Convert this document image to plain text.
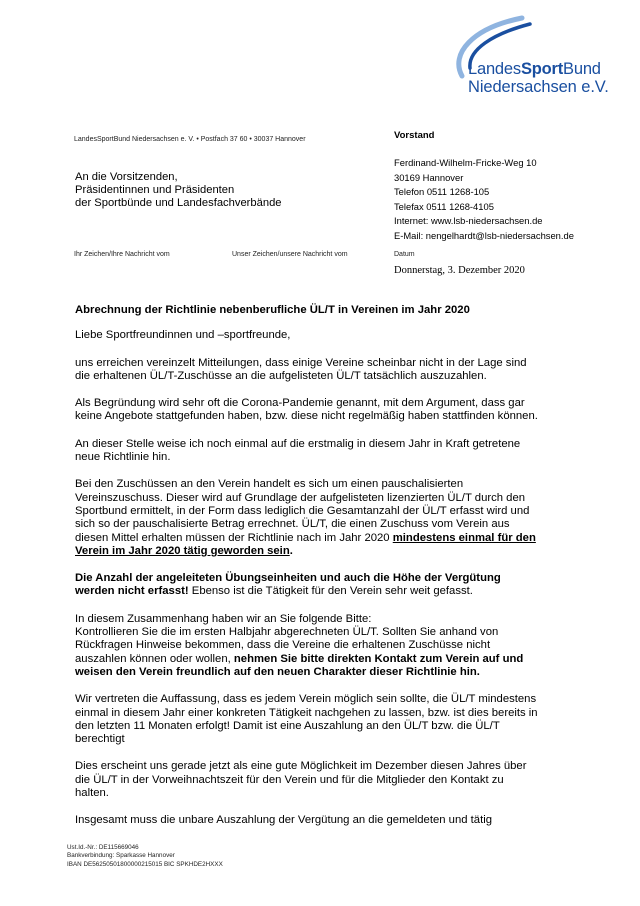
LandesSportBund
Niedersachsen e.V.
LandesSportBund Niedersachsen e. V. • Postfach 37 60 • 30037 Hannover
An die Vorsitzenden,
Präsidentinnen und Präsidenten
der Sportbünde und Landesfachverbände
Vorstand
Ferdinand-Wilhelm-Fricke-Weg 10
30169 Hannover
Telefon 0511 1268-105
Telefax 0511 1268-4105
Internet: www.lsb-niedersachsen.de
E-Mail: nengelhardt@lsb-niedersachsen.de
Ihr Zeichen/Ihre Nachricht vom	Unser Zeichen/unsere Nachricht vom	Datum
Donnerstag, 3. Dezember 2020

Abrechnung der Richtlinie nebenberufliche ÜL/T in Vereinen im Jahr 2020

Liebe Sportfreundinnen und –sportfreunde,

uns erreichen vereinzelt Mitteilungen, dass einige Vereine scheinbar nicht in der Lage sind
die erhaltenen ÜL/T-Zuschüsse an die aufgelisteten ÜL/T tatsächlich auszuzahlen.

Als Begründung wird sehr oft die Corona-Pandemie genannt, mit dem Argument, dass gar
keine Angebote stattgefunden haben, bzw. diese nicht regelmäßig haben stattfinden können.

An dieser Stelle weise ich noch einmal auf die erstmalig in diesem Jahr in Kraft getretene
neue Richtlinie hin.

Bei den Zuschüssen an den Verein handelt es sich um einen pauschalisierten
Vereinszuschuss. Dieser wird auf Grundlage der aufgelisteten lizenzierten ÜL/T durch den
Sportbund ermittelt, in der Form dass lediglich die Gesamtanzahl der ÜL/T erfasst wird und
sich so der pauschalisierte Betrag errechnet. ÜL/T, die einen Zuschuss vom Verein aus
diesen Mittel erhalten müssen der Richtlinie nach im Jahr 2020 mindestens einmal für den
Verein im Jahr 2020 tätig geworden sein.

Die Anzahl der angeleiteten Übungseinheiten und auch die Höhe der Vergütung
werden nicht erfasst! Ebenso ist die Tätigkeit für den Verein sehr weit gefasst.

In diesem Zusammenhang haben wir an Sie folgende Bitte:
Kontrollieren Sie die im ersten Halbjahr abgerechneten ÜL/T. Sollten Sie anhand von
Rückfragen Hinweise bekommen, dass die Vereine die erhaltenen Zuschüsse nicht
auszahlen können oder wollen, nehmen Sie bitte direkten Kontakt zum Verein auf und
weisen den Verein freundlich auf den neuen Charakter dieser Richtlinie hin.

Wir vertreten die Auffassung, dass es jedem Verein möglich sein sollte, die ÜL/T mindestens
einmal in diesem Jahr einer konkreten Tätigkeit nachgehen zu lassen, bzw. ist dies bereits in
den letzten 11 Monaten erfolgt! Damit ist eine Auszahlung an den ÜL/T bzw. die ÜL/T
berechtigt

Dies erscheint uns gerade jetzt als eine gute Möglichkeit im Dezember diesen Jahres über
die ÜL/T in der Vorweihnachtszeit für den Verein und für die Mitglieder den Kontakt zu
halten.

Insgesamt muss die unbare Auszahlung der Vergütung an die gemeldeten und tätig

Ust.Id.-Nr.: DE115669046
Bankverbindung: Sparkasse Hannover
IBAN DE56250501800000215015 BIC SPKHDE2HXXX
